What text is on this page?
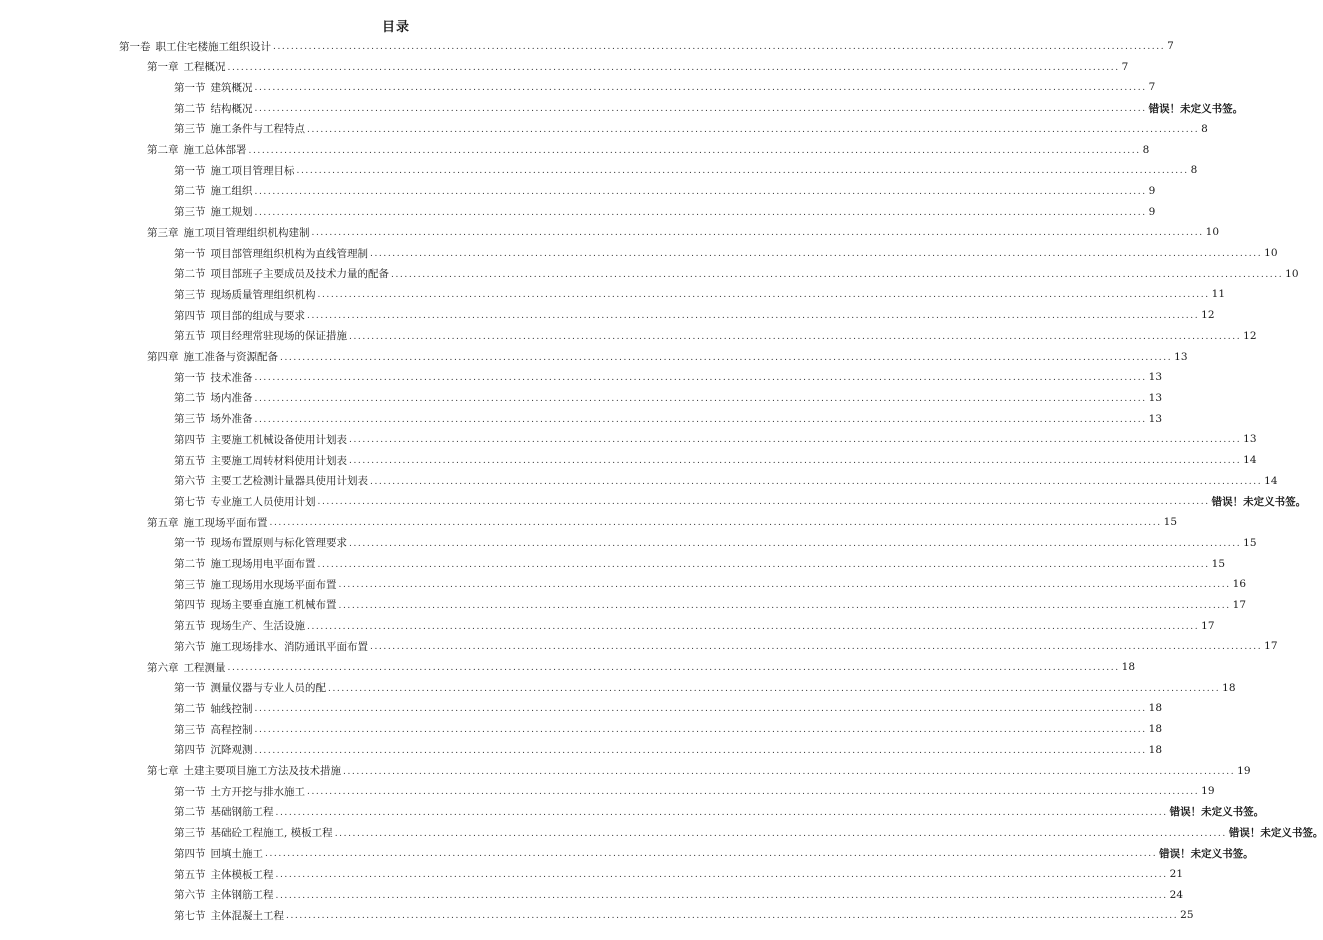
目录
第一卷 职工住宅楼施工组织设计 ........................................................................................................................................................................................................ 7
第一章 工程概况 ........................................................................................................................................................................................................ 7
第一节 建筑概况 ........................................................................................................................................................................................................ 7
第二节 结构概况 ........................................................................................................................................................................................................ 错误！未定义书签。
第三节 施工条件与工程特点 ........................................................................................................................................................................................................ 8
第二章 施工总体部署 ........................................................................................................................................................................................................ 8
第一节 施工项目管理目标 ........................................................................................................................................................................................................ 8
第二节 施工组织 ........................................................................................................................................................................................................ 9
第三节 施工规划 ........................................................................................................................................................................................................ 9
第三章 施工项目管理组织机构建制 ........................................................................................................................................................................................................ 10
第一节 项目部管理组织机构为直线管理制 ........................................................................................................................................................................................................ 10
第二节 项目部班子主要成员及技术力量的配备 ........................................................................................................................................................................................................ 10
第三节 现场质量管理组织机构 ........................................................................................................................................................................................................ 11
第四节 项目部的组成与要求 ........................................................................................................................................................................................................ 12
第五节 项目经理常驻现场的保证措施 ........................................................................................................................................................................................................ 12
第四章 施工准备与资源配备 ........................................................................................................................................................................................................ 13
第一节 技术准备 ........................................................................................................................................................................................................ 13
第二节 场内准备 ........................................................................................................................................................................................................ 13
第三节 场外准备 ........................................................................................................................................................................................................ 13
第四节 主要施工机械设备使用计划表 ........................................................................................................................................................................................................ 13
第五节 主要施工周转材料使用计划表 ........................................................................................................................................................................................................ 14
第六节 主要工艺检测计量器具使用计划表 ........................................................................................................................................................................................................ 14
第七节 专业施工人员使用计划 ........................................................................................................................................................................................................ 错误！未定义书签。
第五章 施工现场平面布置 ........................................................................................................................................................................................................ 15
第一节 现场布置原则与标化管理要求 ........................................................................................................................................................................................................ 15
第二节 施工现场用电平面布置 ........................................................................................................................................................................................................ 15
第三节 施工现场用水现场平面布置 ........................................................................................................................................................................................................ 16
第四节 现场主要垂直施工机械布置 ........................................................................................................................................................................................................ 17
第五节 现场生产、生活设施 ........................................................................................................................................................................................................ 17
第六节 施工现场排水、消防通讯平面布置 ........................................................................................................................................................................................................ 17
第六章 工程测量 ........................................................................................................................................................................................................ 18
第一节 测量仪器与专业人员的配 ........................................................................................................................................................................................................ 18
第二节 轴线控制 ........................................................................................................................................................................................................ 18
第三节 高程控制 ........................................................................................................................................................................................................ 18
第四节 沉降观测 ........................................................................................................................................................................................................ 18
第七章 土建主要项目施工方法及技术措施 ........................................................................................................................................................................................................ 19
第一节 土方开挖与排水施工 ........................................................................................................................................................................................................ 19
第二节 基础钢筋工程 ........................................................................................................................................................................................................ 错误！未定义书签。
第三节 基础砼工程施工, 模板工程 ........................................................................................................................................................................................................ 错误！未定义书签。
第四节 回填土施工 ........................................................................................................................................................................................................ 错误！未定义书签。
第五节 主体模板工程 ........................................................................................................................................................................................................ 21
第六节 主体钢筋工程 ........................................................................................................................................................................................................ 24
第七节 主体混凝土工程 ........................................................................................................................................................................................................ 25
